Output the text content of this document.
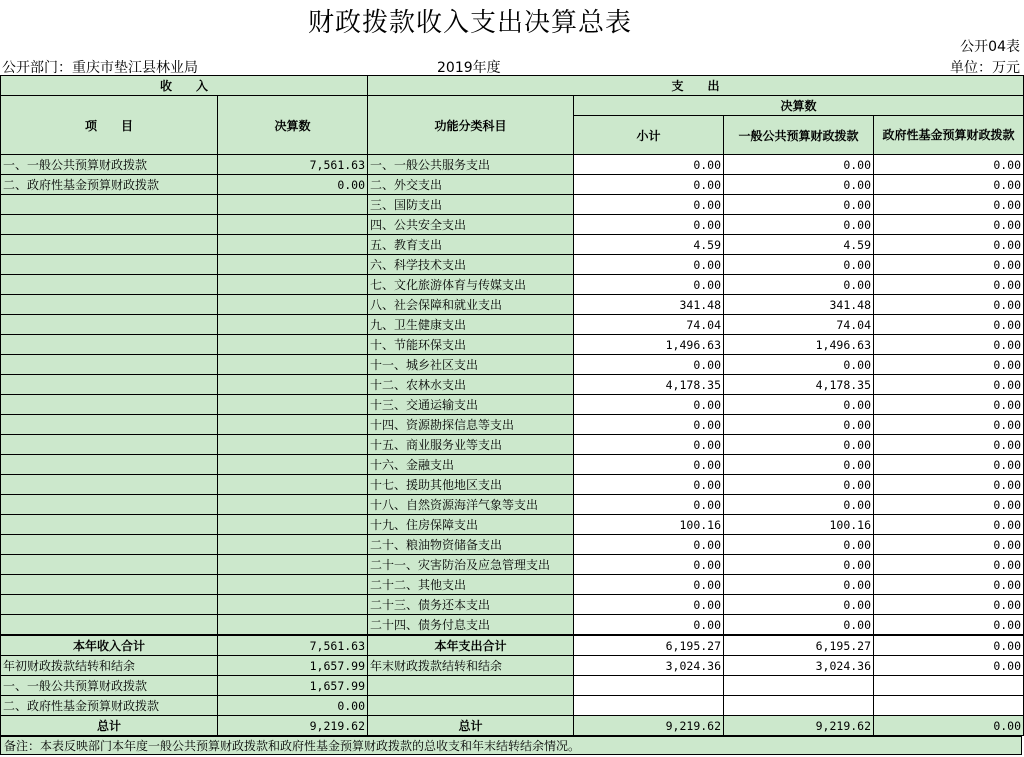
财政拨款收入支出决算总表
公开04表
公开部门：重庆市垫江县林业局	2019年度	单位：万元
收　　入		支　　出			
项　　目	决算数	功能分类科目	决算数		
			小计	一般公共预算财政拨款	政府性基金预算财政拨款

一、一般公共预算财政拨款	7,561.63	一、一般公共服务支出	0.00	0.00	0.00
二、政府性基金预算财政拨款	0.00	二、外交支出	0.00	0.00	0.00
		三、国防支出	0.00	0.00	0.00
		四、公共安全支出	0.00	0.00	0.00
		五、教育支出	4.59	4.59	0.00
		六、科学技术支出	0.00	0.00	0.00
		七、文化旅游体育与传媒支出	0.00	0.00	0.00
		八、社会保障和就业支出	341.48	341.48	0.00
		九、卫生健康支出	74.04	74.04	0.00
		十、节能环保支出	1,496.63	1,496.63	0.00
		十一、城乡社区支出	0.00	0.00	0.00
		十二、农林水支出	4,178.35	4,178.35	0.00
		十三、交通运输支出	0.00	0.00	0.00
		十四、资源勘探信息等支出	0.00	0.00	0.00
		十五、商业服务业等支出	0.00	0.00	0.00
		十六、金融支出	0.00	0.00	0.00
		十七、援助其他地区支出	0.00	0.00	0.00
		十八、自然资源海洋气象等支出	0.00	0.00	0.00
		十九、住房保障支出	100.16	100.16	0.00
		二十、粮油物资储备支出	0.00	0.00	0.00
		二十一、灾害防治及应急管理支出	0.00	0.00	0.00
		二十二、其他支出	0.00	0.00	0.00
		二十三、债务还本支出	0.00	0.00	0.00
		二十四、债务付息支出	0.00	0.00	0.00
本年收入合计	7,561.63	本年支出合计	6,195.27	6,195.27	0.00
年初财政拨款结转和结余	1,657.99	年末财政拨款结转和结余	3,024.36	3,024.36	0.00
一、一般公共预算财政拨款	1,657.99				
二、政府性基金预算财政拨款	0.00				
总计	9,219.62	总计	9,219.62	9,219.62	0.00
备注：本表反映部门本年度一般公共预算财政拨款和政府性基金预算财政拨款的总收支和年末结转结余情况。
